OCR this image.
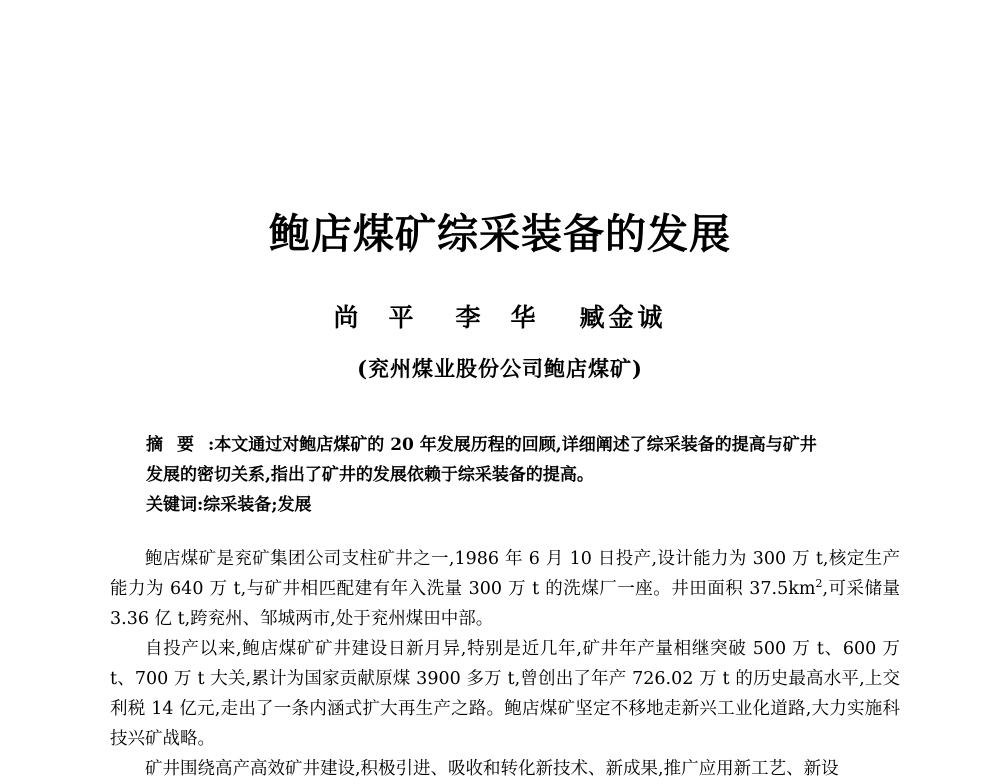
鲍店煤矿综采装备的发展
尚平 李华 臧金诚
(兖州煤业股份公司鲍店煤矿)

摘要:本文通过对鲍店煤矿的 20 年发展历程的回顾,详细阐述了综采装备的提高与矿井

发展的密切关系,指出了矿井的发展依赖于综采装备的提高。

关键词:综采装备;发展

鲍店煤矿是兖矿集团公司支柱矿井之一,1986 年 6 月 10 日投产,设计能力为 300 万 t,核定生产能力为 640 万 t,与矿井相匹配建有年入洗量 300 万 t 的洗煤厂一座。井田面积 $37.5km^2$,可采储量 3.36 亿 t,跨兖州、邹城两市,处于兖州煤田中部。

自投产以来,鲍店煤矿矿井建设日新月异,特别是近几年,矿井年产量相继突破 500 万 t、600 万 t、700 万 t 大关,累计为国家贡献原煤 3900 多万 t,曾创出了年产 726.02 万 t 的历史最高水平,上交利税 14 亿元,走出了一条内涵式扩大再生产之路。鲍店煤矿坚定不移地走新兴工业化道路,大力实施科技兴矿战略。

矿井围绕高产高效矿井建设,积极引进、吸收和转化新技术、新成果,推广应用新工艺、新设
